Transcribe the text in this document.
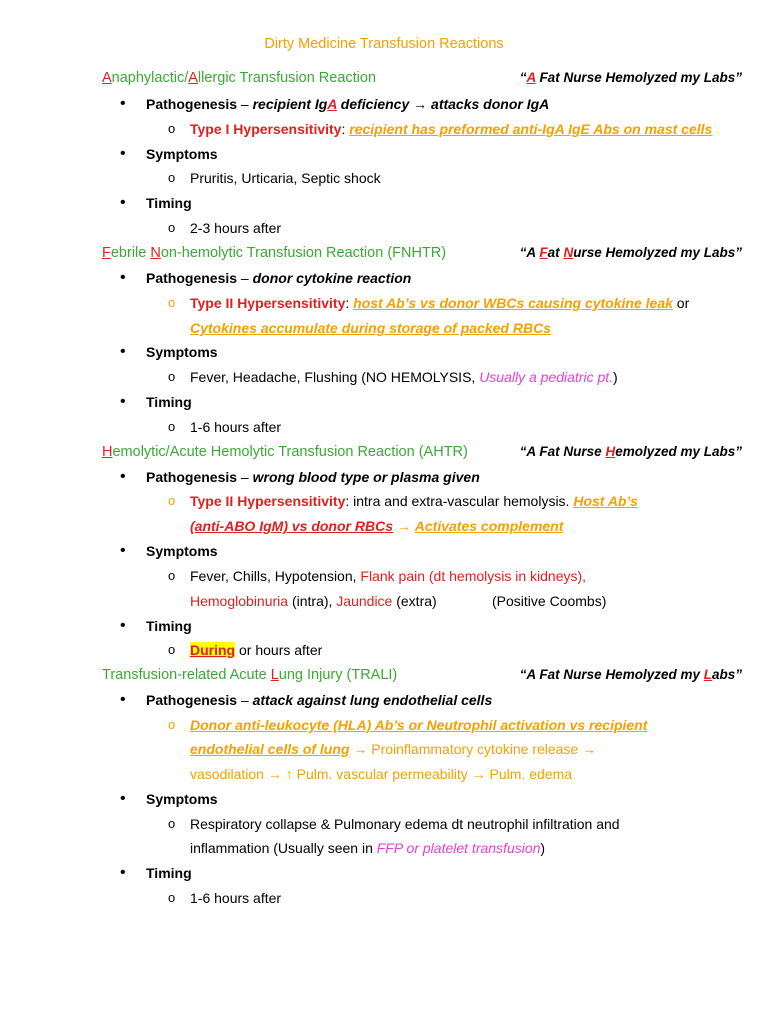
Dirty Medicine Transfusion Reactions
Anaphylactic/Allergic Transfusion Reaction	“A Fat Nurse Hemolyzed my Labs”
Pathogenesis – recipient IgA deficiency → attacks donor IgA
o Type I Hypersensitivity: recipient has preformed anti-IgA IgE Abs on mast cells
Symptoms
o Pruritis, Urticaria, Septic shock
Timing
o 2-3 hours after
Febrile Non-hemolytic Transfusion Reaction (FNHTR)	“A Fat Nurse Hemolyzed my Labs”
Pathogenesis – donor cytokine reaction
o Type II Hypersensitivity: host Ab’s vs donor WBCs causing cytokine leak or
Cytokines accumulate during storage of packed RBCs
Symptoms
o Fever, Headache, Flushing (NO HEMOLYSIS, Usually a pediatric pt.)
Timing
o 1-6 hours after
Hemolytic/Acute Hemolytic Transfusion Reaction (AHTR)	“A Fat Nurse Hemolyzed my Labs”
Pathogenesis – wrong blood type or plasma given
o Type II Hypersensitivity: intra and extra-vascular hemolysis. Host Ab’s
(anti-ABO IgM) vs donor RBCs → Activates complement
Symptoms
o Fever, Chills, Hypotension, Flank pain (dt hemolysis in kidneys),
Hemoglobinuria (intra), Jaundice (extra)	(Positive Coombs)
Timing
o During or hours after
Transfusion-related Acute Lung Injury (TRALI)	“A Fat Nurse Hemolyzed my Labs”
Pathogenesis – attack against lung endothelial cells
o Donor anti-leukocyte (HLA) Ab’s or Neutrophil activation vs recipient
endothelial cells of lung → Proinflammatory cytokine release →
vasodilation → ↑ Pulm. vascular permeability → Pulm. edema
Symptoms
o Respiratory collapse & Pulmonary edema dt neutrophil infiltration and
inflammation (Usually seen in FFP or platelet transfusion)
Timing
o 1-6 hours after
